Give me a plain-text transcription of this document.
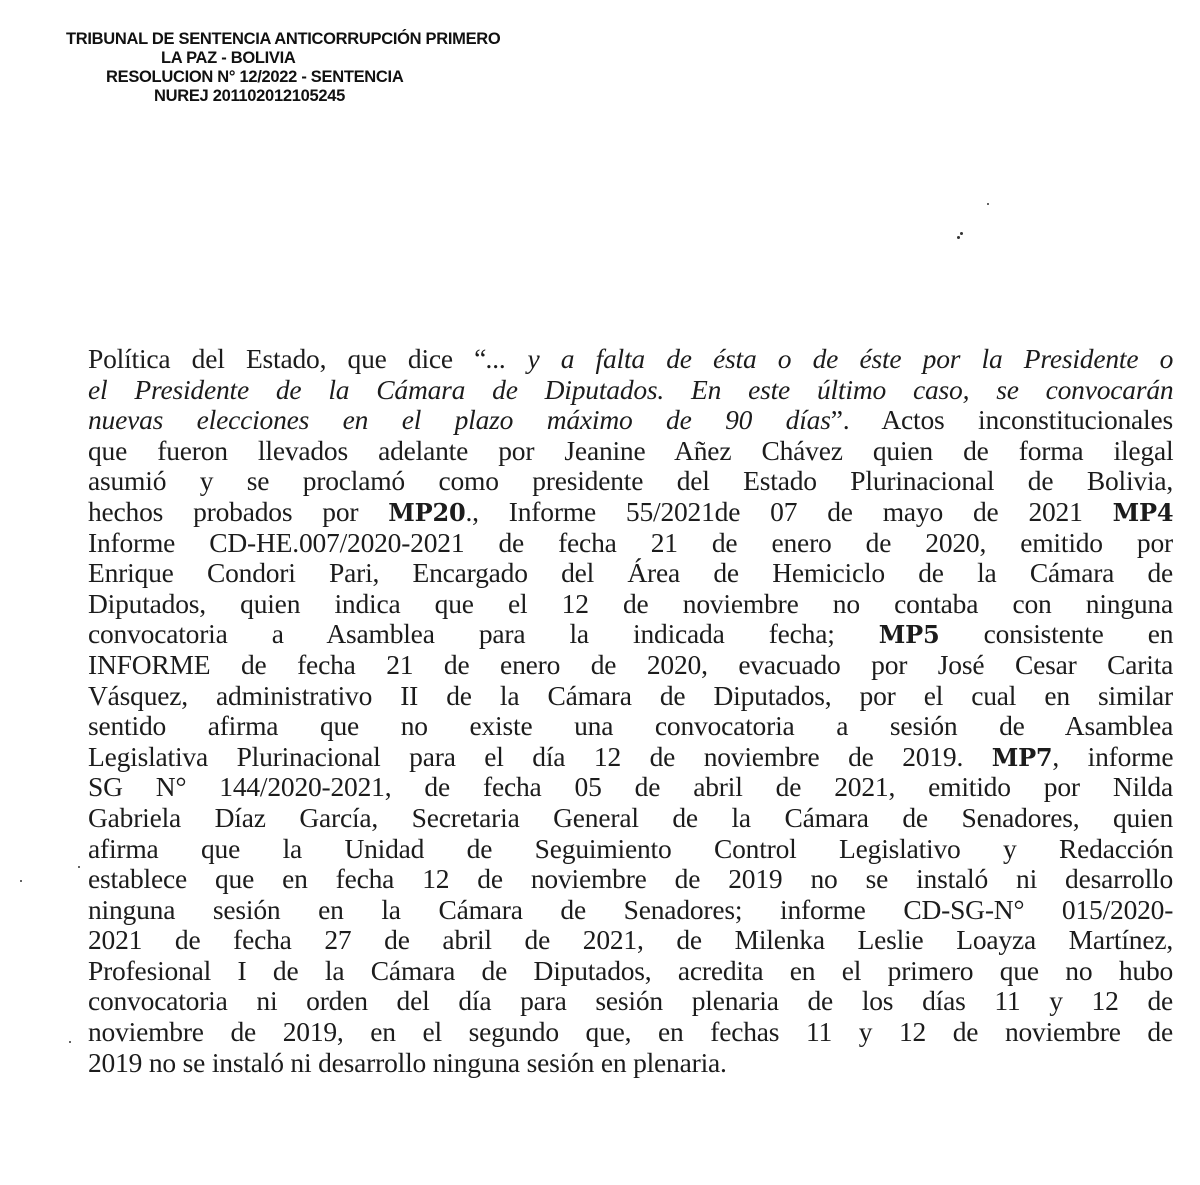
TRIBUNAL DE SENTENCIA ANTICORRUPCIÓN PRIMERO
LA PAZ - BOLIVIA
RESOLUCION N° 12/2022 - SENTENCIA
NUREJ 201102012105245
Política del Estado, que dice “... y a falta de ésta o de éste por la Presidente o
el Presidente de la Cámara de Diputados. En este último caso, se convocarán
nuevas elecciones en el plazo máximo de 90 días”. Actos inconstitucionales
que fueron llevados adelante por Jeanine Añez Chávez quien de forma ilegal
asumió y se proclamó como presidente del Estado Plurinacional de Bolivia,
hechos probados por MP20., Informe 55/2021de 07 de mayo de 2021 MP4
Informe CD-HE.007/2020-2021 de fecha 21 de enero de 2020, emitido por
Enrique Condori Pari, Encargado del Área de Hemiciclo de la Cámara de
Diputados, quien indica que el 12 de noviembre no contaba con ninguna
convocatoria a Asamblea para la indicada fecha; MP5 consistente en
INFORME de fecha 21 de enero de 2020, evacuado por José Cesar Carita
Vásquez, administrativo II de la Cámara de Diputados, por el cual en similar
sentido afirma que no existe una convocatoria a sesión de Asamblea
Legislativa Plurinacional para el día 12 de noviembre de 2019. MP7, informe
SG N° 144/2020-2021, de fecha 05 de abril de 2021, emitido por Nilda
Gabriela Díaz García, Secretaria General de la Cámara de Senadores, quien
afirma que la Unidad de Seguimiento Control Legislativo y Redacción
establece que en fecha 12 de noviembre de 2019 no se instaló ni desarrollo
ninguna sesión en la Cámara de Senadores; informe CD-SG-N° 015/2020-
2021 de fecha 27 de abril de 2021, de Milenka Leslie Loayza Martínez,
Profesional I de la Cámara de Diputados, acredita en el primero que no hubo
convocatoria ni orden del día para sesión plenaria de los días 11 y 12 de
noviembre de 2019, en el segundo que, en fechas 11 y 12 de noviembre de
2019 no se instaló ni desarrollo ninguna sesión en plenaria.
